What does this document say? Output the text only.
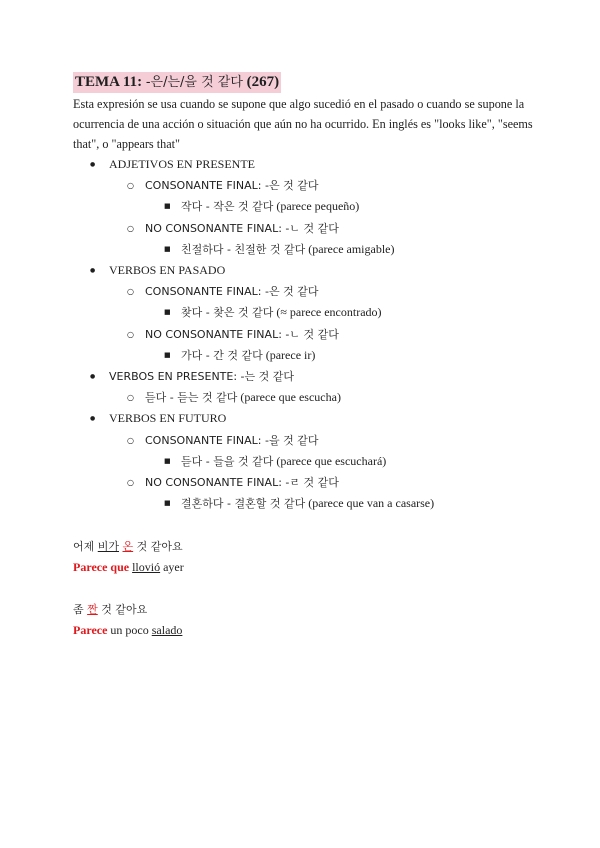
TEMA 11: -은/는/을 것 같다 (267)

Esta expresión se usa cuando se supone que algo sucedió en el pasado o cuando se supone la ocurrencia de una acción o situación que aún no ha ocurrido. En inglés es "looks like", "seems that", o "appears that"

● ADJETIVOS EN PRESENTE
○ CONSONANTE FINAL: -은 것 같다
■ 작다 - 작은 것 같다 (parece pequeño)
○ NO CONSONANTE FINAL: -ㄴ 것 같다
■ 친절하다 - 친절한 것 같다 (parece amigable)
● VERBOS EN PASADO
○ CONSONANTE FINAL: -은 것 같다
■ 찾다 - 찾은 것 같다 (≈ parece encontrado)
○ NO CONSONANTE FINAL: -ㄴ 것 같다
■ 가다 - 간 것 같다 (parece ir)
● VERBOS EN PRESENTE: -는 것 같다
○ 듣다 - 듣는 것 같다 (parece que escucha)
● VERBOS EN FUTURO
○ CONSONANTE FINAL: -을 것 같다
■ 듣다 - 들을 것 같다 (parece que escuchará)
○ NO CONSONANTE FINAL: -ㄹ 것 같다
■ 결혼하다 - 결혼할 것 같다 (parece que van a casarse)
어제 비가 온 것 같아요
Parece que llovió ayer
좀 짠 것 같아요
Parece un poco salado
